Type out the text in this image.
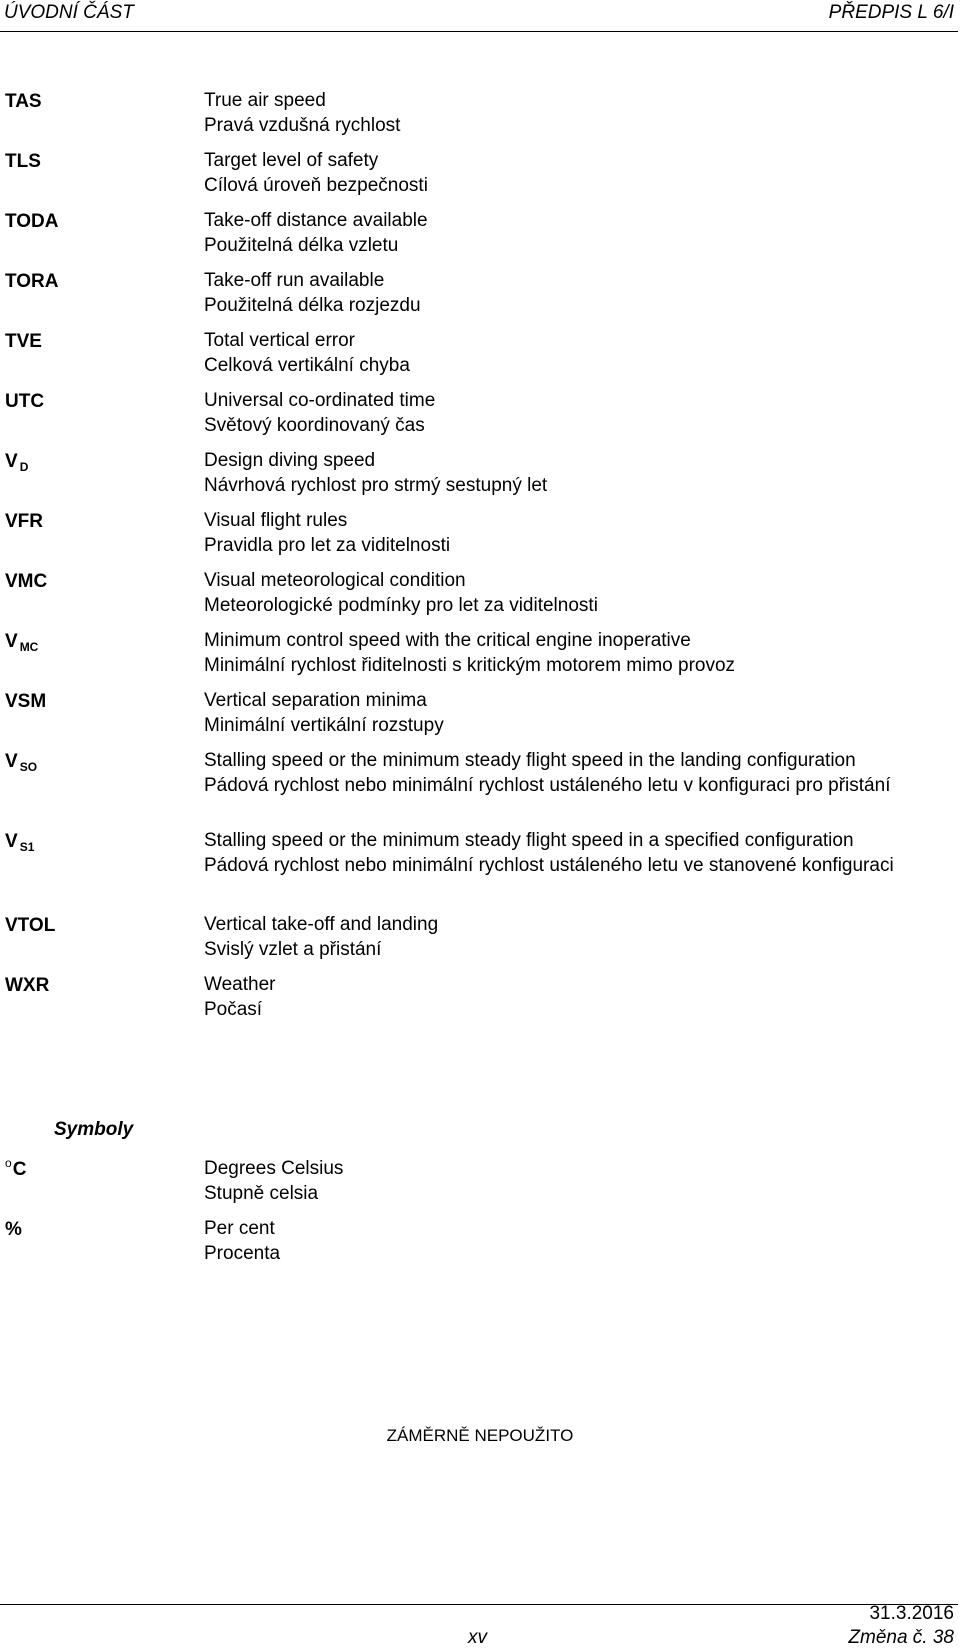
ÚVODNÍ ČÁST	PŘEDPIS L 6/I
TAS	True air speed
Pravá vzdušná rychlost
TLS	Target level of safety
Cílová úroveň bezpečnosti
TODA	Take-off distance available
Použitelná délka vzletu
TORA	Take-off run available
Použitelná délka rozjezdu
TVE	Total vertical error
Celková vertikální chyba
UTC	Universal co-ordinated time
Světový koordinovaný čas
V $_D$	Design diving speed
Návrhová rychlost pro strmý sestupný let
VFR	Visual flight rules
Pravidla pro let za viditelnosti
VMC	Visual meteorological condition
Meteorologické podmínky pro let za viditelnosti
V $_{MC}$	Minimum control speed with the critical engine inoperative
Minimální rychlost řiditelnosti s kritickým motorem mimo provoz
VSM	Vertical separation minima
Minimální vertikální rozstupy
V $_{SO}$	Stalling speed or the minimum steady flight speed in the landing configuration
Pádová rychlost nebo minimální rychlost ustáleného letu v konfiguraci pro přistání
V $_{S1}$	Stalling speed or the minimum steady flight speed in a specified configuration
Pádová rychlost nebo minimální rychlost ustáleného letu ve stanovené konfiguraci
VTOL	Vertical take-off and landing
Svislý vzlet a přistání
WXR	Weather
Počasí
Symboly
$^o$C	Degrees Celsius
Stupně celsia
%	Per cent
Procenta
ZÁMĚRNĚ NEPOUŽITO
31.3.2016
xv	Změna č. 38
